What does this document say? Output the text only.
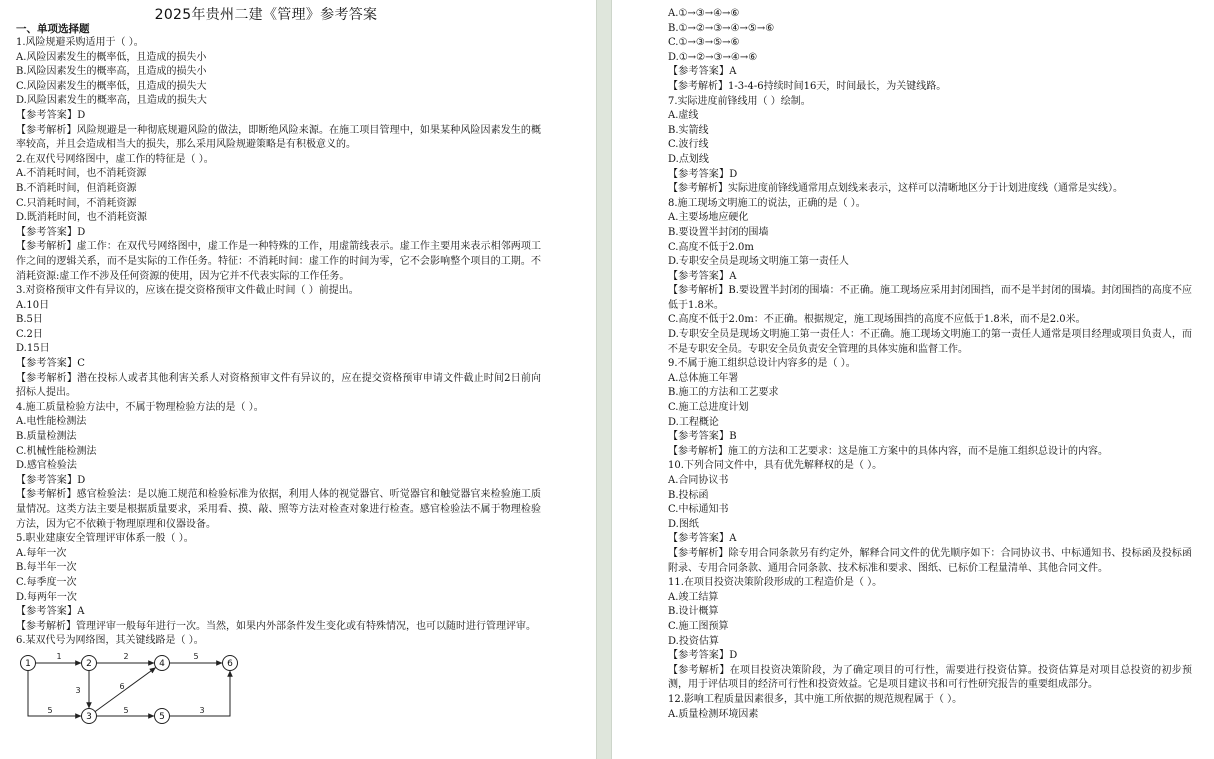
2025年贵州二建《管理》参考答案
一、单项选择题
1.风险规避采购适用于（ ）。
A.风险因素发生的概率低，且造成的损失小
B.风险因素发生的概率高，且造成的损失小
C.风险因素发生的概率低，且造成的损失大
D.风险因素发生的概率高，且造成的损失大
【参考答案】D
【参考解析】风险规避是一种彻底规避风险的做法，即断绝风险来源。在施工项目管理中，如果某种风险因素发生的概率较高，并且会造成相当大的损失，那么采用风险规避策略是有积极意义的。
2.在双代号网络图中，虚工作的特征是（ ）。
A.不消耗时间，也不消耗资源
B.不消耗时间，但消耗资源
C.只消耗时间，不消耗资源
D.既消耗时间，也不消耗资源
【参考答案】D
【参考解析】虚工作：在双代号网络图中，虚工作是一种特殊的工作，用虚箭线表示。虚工作主要用来表示相邻两项工作之间的逻辑关系，而不是实际的工作任务。特征：不消耗时间：虚工作的时间为零，它不会影响整个项目的工期。不消耗资源:虚工作不涉及任何资源的使用，因为它并不代表实际的工作任务。
3.对资格预审文件有异议的，应该在提交资格预审文件截止时间（ ）前提出。
A.10日
B.5日
C.2日
D.15日
【参考答案】C
【参考解析】潜在投标人或者其他利害关系人对资格预审文件有异议的，应在提交资格预审申请文件截止时间2日前向招标人提出。
4.施工质量检验方法中，不属于物理检验方法的是（ ）。
A.电性能检测法
B.质量检测法
C.机械性能检测法
D.感官检验法
【参考答案】D
【参考解析】感官检验法：是以施工规范和检验标准为依据，利用人体的视觉器官、听觉器官和触觉器官来检验施工质量情况。这类方法主要是根据质量要求，采用看、摸、敲、照等方法对检查对象进行检查。感官检验法不属于物理检验方法，因为它不依赖于物理原理和仪器设备。
5.职业建康安全管理评审体系一般（ ）。
A.每年一次
B.每半年一次
C.每季度一次
D.每两年一次
【参考答案】A
【参考解析】管理评审一般每年进行一次。当然，如果内外部条件发生变化或有特殊情况，也可以随时进行管理评审。
6.某双代号为网络图，其关键线路是（ ）。
1	2	5
3	6
5	5	3
1	2
3
4
5
6
A.①→③→④→⑥
B.①→②→③→④→⑤→⑥
C.①→③→⑤→⑥
D.①→②→③→④→⑥
【参考答案】A
【参考解析】1-3-4-6持续时间16天，时间最长，为关键线路。
7.实际进度前锋线用（ ）绘制。
A.虚线
B.实箭线
C.波行线
D.点划线
【参考答案】D
【参考解析】实际进度前锋线通常用点划线来表示，这样可以清晰地区分于计划进度线（通常是实线）。
8.施工现场文明施工的说法，正确的是（ ）。
A.主要场地应硬化
B.要设置半封闭的围墙
C.高度不低于2.0m
D.专职安全员是现场文明施工第一责任人
【参考答案】A
【参考解析】B.要设置半封闭的围墙：不正确。施工现场应采用封闭围挡，而不是半封闭的围墙。封闭围挡的高度不应低于1.8米。
C.高度不低于2.0m：不正确。根据规定，施工现场围挡的高度不应低于1.8米，而不是2.0米。
D.专职安全员是现场文明施工第一责任人：不正确。施工现场文明施工的第一责任人通常是项目经理或项目负责人，而不是专职安全员。专职安全员负责安全管理的具体实施和监督工作。
9.不属于施工组织总设计内容多的是（ ）。
A.总体施工年署
B.施工的方法和工艺要求
C.施工总进度计划
D.工程概论
【参考答案】B
【参考解析】施工的方法和工艺要求：这是施工方案中的具体内容，而不是施工组织总设计的内容。
10.下列合同文件中，具有优先解释权的是（ ）。
A.合同协议书
B.投标函
C.中标通知书
D.图纸
【参考答案】A
【参考解析】除专用合同条款另有约定外，解释合同文件的优先顺序如下：合同协议书、中标通知书、投标函及投标函附录、专用合同条款、通用合同条款、技术标准和要求、图纸、已标价工程量清单、其他合同文件。
11.在项目投资决策阶段形成的工程造价是（ ）。
A.竣工结算
B.设计概算
C.施工图预算
D.投资估算
【参考答案】D
【参考解析】在项目投资决策阶段，为了确定项目的可行性，需要进行投资估算。投资估算是对项目总投资的初步预测，用于评估项目的经济可行性和投资效益。它是项目建议书和可行性研究报告的重要组成部分。
12.影响工程质量因素很多，其中施工所依据的规范规程属于（ ）。
A.质量检测环境因素
